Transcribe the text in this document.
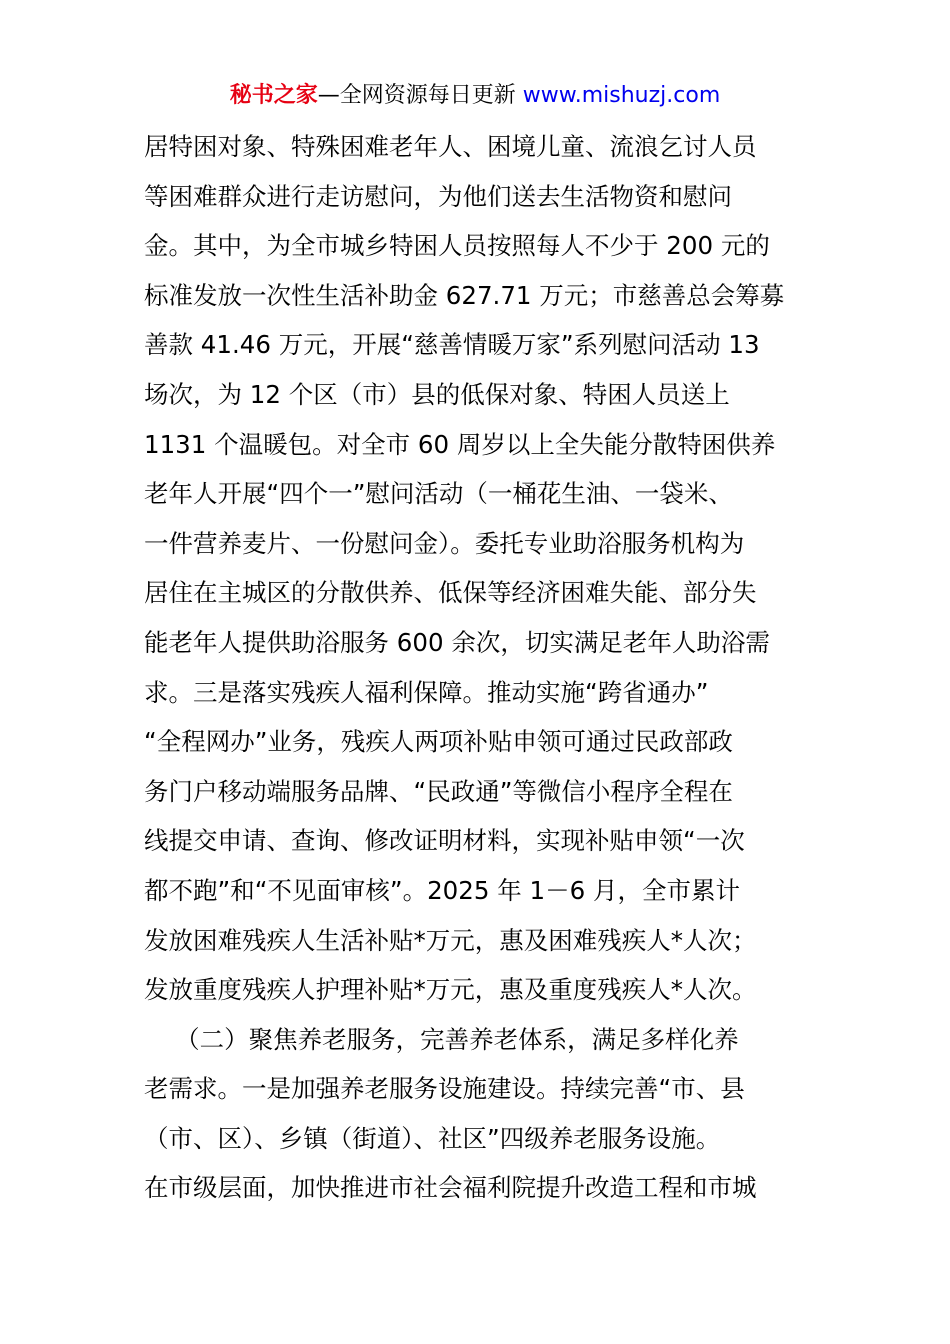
秘书之家—全网资源每日更新 www.mishuzj.com
居特困对象、特殊困难老年人、困境儿童、流浪乞讨人员
等困难群众进行走访慰问，为他们送去生活物资和慰问
金。其中，为全市城乡特困人员按照每人不少于 200 元的
标准发放一次性生活补助金 627.71 万元；市慈善总会筹募
善款 41.46 万元，开展“慈善情暖万家”系列慰问活动 13
场次，为 12 个区（市）县的低保对象、特困人员送上
1131 个温暖包。对全市 60 周岁以上全失能分散特困供养
老年人开展“四个一”慰问活动（一桶花生油、一袋米、
一件营养麦片、一份慰问金）。委托专业助浴服务机构为
居住在主城区的分散供养、低保等经济困难失能、部分失
能老年人提供助浴服务 600 余次，切实满足老年人助浴需
求。三是落实残疾人福利保障。推动实施“跨省通办”
“全程网办”业务，残疾人两项补贴申领可通过民政部政
务门户移动端服务品牌、“民政通”等微信小程序全程在
线提交申请、查询、修改证明材料，实现补贴申领“一次
都不跑”和“不见面审核”。2025 年 1－6 月，全市累计
发放困难残疾人生活补贴*万元，惠及困难残疾人*人次；
发放重度残疾人护理补贴*万元，惠及重度残疾人*人次。
（二）聚焦养老服务，完善养老体系，满足多样化养
老需求。一是加强养老服务设施建设。持续完善“市、县
（市、区）、乡镇（街道）、社区”四级养老服务设施。
在市级层面，加快推进市社会福利院提升改造工程和市城
